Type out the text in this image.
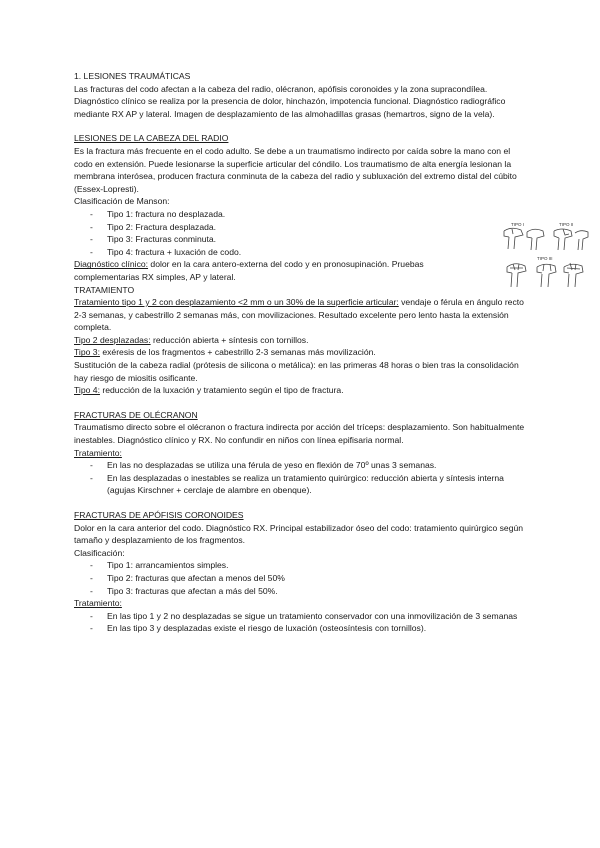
1. LESIONES TRAUMÁTICAS

Las fracturas del codo afectan a la cabeza del radio, olécranon, apófisis coronoides y la zona supracondílea. Diagnóstico clínico se realiza por la presencia de dolor, hinchazón, impotencia funcional. Diagnóstico radiográfico mediante RX AP y lateral. Imagen de desplazamiento de las almohadillas grasas (hemartros, signo de la vela).

LESIONES DE LA CABEZA DEL RADIO

Es la fractura más frecuente en el codo adulto. Se debe a un traumatismo indirecto por caída sobre la mano con el codo en extensión. Puede lesionarse la superficie articular del cóndilo. Los traumatismo de alta energía lesionan la membrana interósea, producen fractura conminuta de la cabeza del radio y subluxación del extremo distal del cúbito (Essex-Lopresti).

Clasificación de Manson:

- Tipo 1: fractura no desplazada.
- Tipo 2: Fractura desplazada.
- Tipo 3: Fracturas conminuta.
- Tipo 4: fractura + luxación de codo.

Diagnóstico clínico: dolor en la cara antero-externa del codo y en pronosupinación. Pruebas complementarias RX simples, AP y lateral.

TRATAMIENTO

Tratamiento tipo 1 y 2 con desplazamiento <2 mm o un 30% de la superficie articular: vendaje o férula en ángulo recto 2-3 semanas, y cabestrillo 2 semanas más, con movilizaciones. Resultado excelente pero lento hasta la extensión completa.

Tipo 2 desplazadas: reducción abierta + síntesis con tornillos.

Tipo 3: exéresis de los fragmentos + cabestrillo 2-3 semanas más movilización.

Sustitución de la cabeza radial (prótesis de silicona o metálica): en las primeras 48 horas o bien tras la consolidación hay riesgo de miositis osificante.

Tipo 4: reducción de la luxación y tratamiento según el tipo de fractura.

FRACTURAS DE OLÉCRANON

Traumatismo directo sobre el olécranon o fractura indirecta por acción del tríceps: desplazamiento. Son habitualmente inestables. Diagnóstico clínico y RX. No confundir en niños con línea epifisaria normal.

Tratamiento:

- En las no desplazadas se utiliza una férula de yeso en flexión de 70º unas 3 semanas.
- En las desplazadas o inestables se realiza un tratamiento quirúrgico: reducción abierta y síntesis interna (agujas Kirschner + cerclaje de alambre en obenque).

FRACTURAS DE APÓFISIS CORONOIDES

Dolor en la cara anterior del codo. Diagnóstico RX. Principal estabilizador óseo del codo: tratamiento quirúrgico según tamaño y desplazamiento de los fragmentos.

Clasificación:

- Tipo 1: arrancamientos simples.
- Tipo 2: fracturas que afectan a menos del 50%
- Tipo 3: fracturas que afectan a más del 50%.

Tratamiento:

- En las tipo 1 y 2 no desplazadas se sigue un tratamiento conservador con una inmovilización de 3 semanas
- En las tipo 3 y desplazadas existe el riesgo de luxación (osteosíntesis con tornillos).
TIPO I	TIPO II
TIPO III
